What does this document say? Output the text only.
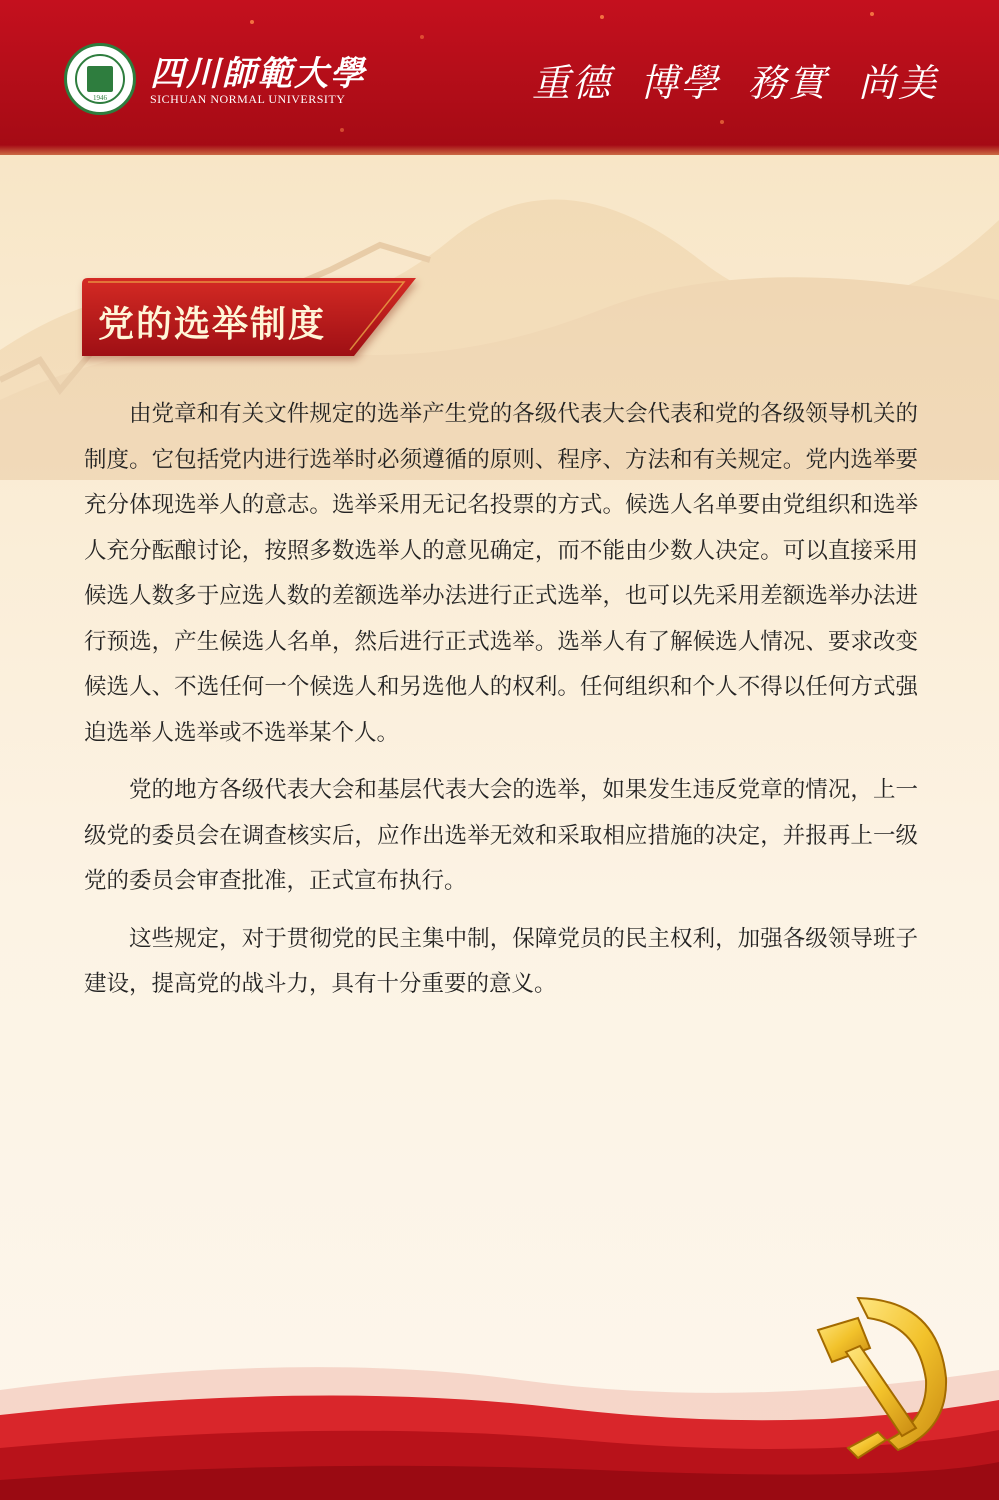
1946
四川師範大學
SICHUAN NORMAL UNIVERSITY	重德 博學 務實 尚美
党的选举制度

由党章和有关文件规定的选举产生党的各级代表大会代表和党的各级领导机关的制度。它包括党内进行选举时必须遵循的原则、程序、方法和有关规定。党内选举要充分体现选举人的意志。选举采用无记名投票的方式。候选人名单要由党组织和选举人充分酝酿讨论，按照多数选举人的意见确定，而不能由少数人决定。可以直接采用候选人数多于应选人数的差额选举办法进行正式选举，也可以先采用差额选举办法进行预选，产生候选人名单，然后进行正式选举。选举人有了解候选人情况、要求改变候选人、不选任何一个候选人和另选他人的权利。任何组织和个人不得以任何方式强迫选举人选举或不选举某个人。

党的地方各级代表大会和基层代表大会的选举，如果发生违反党章的情况，上一级党的委员会在调查核实后，应作出选举无效和采取相应措施的决定，并报再上一级党的委员会审查批准，正式宣布执行。

这些规定，对于贯彻党的民主集中制，保障党员的民主权利，加强各级领导班子建设，提高党的战斗力，具有十分重要的意义。
